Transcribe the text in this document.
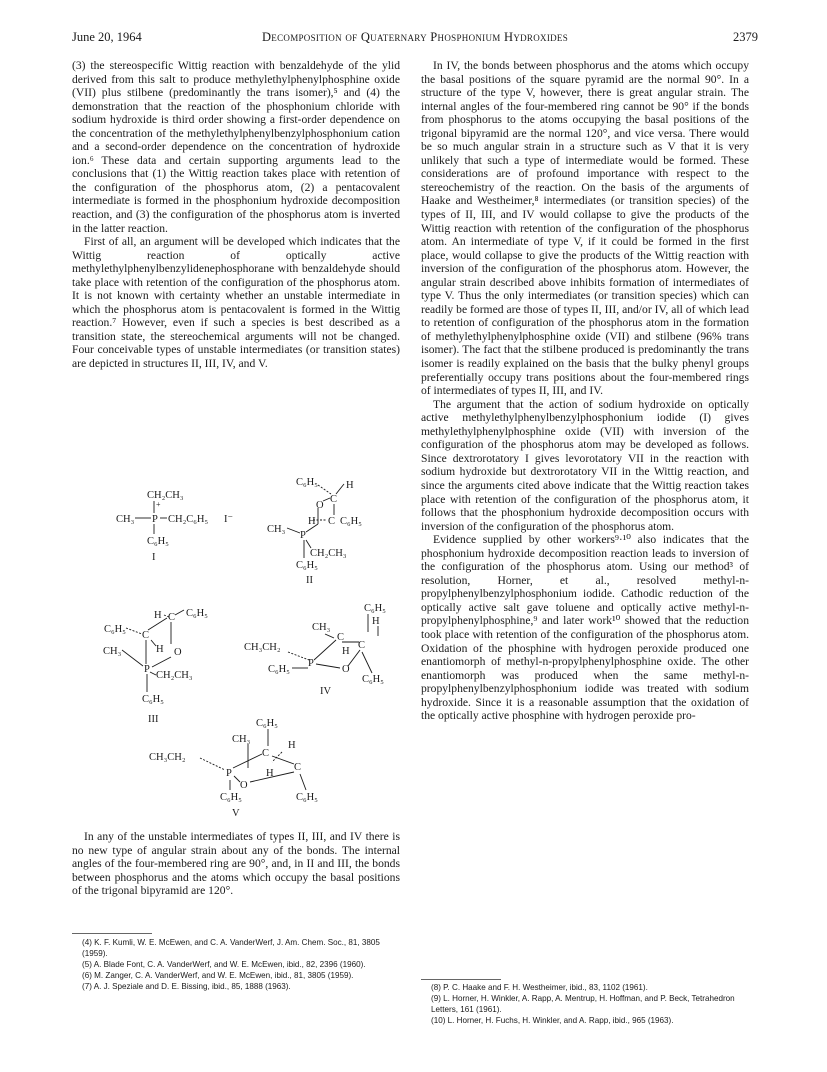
June 20, 1964	Decomposition of Quaternary Phosphonium Hydroxides	2379

(3) the stereospecific Wittig reaction with benzaldehyde of the ylid derived from this salt to produce methylethylphenylphosphine oxide (VII) plus stilbene (predominantly the trans isomer),⁵ and (4) the demonstration that the reaction of the phosphonium chloride with sodium hydroxide is third order showing a first-order dependence on the concentration of the methylethylphenylbenzylphosphonium cation and a second-order dependence on the concentration of hydroxide ion.⁶ These data and certain supporting arguments lead to the conclusions that (1) the Wittig reaction takes place with retention of the configuration of the phosphorus atom, (2) a pentacovalent intermediate is formed in the phosphonium hydroxide decomposition reaction, and (3) the configuration of the phosphorus atom is inverted in the latter reaction.

First of all, an argument will be developed which indicates that the Wittig reaction of optically active methylethylphenylbenzylidenephosphorane with benzaldehyde should take place with retention of the configuration of the phosphorus atom. It is not known with certainty whether an unstable intermediate in which the phosphorus atom is pentacovalent is formed in the Wittig reaction.⁷ However, even if such a species is best described as a transition state, the stereochemical arguments will not be changed. Four conceivable types of unstable intermediates (or transition states) are depicted in structures II, III, IV, and V.

CH₂CH₃
+
CH₃ P CH₂C₆H₅ I⁻
C₆H₅
I
C₆H₅	H
O
C
H C C₆H₅
CH₃
P
CH₂CH₃
C₆H₅
II
H C C₆H₅
C₆H₅
C
H O
CH₃
P
CH₂CH₃
C₆H₅
III
C₆H₅
H
CH₃
C
CH₃CH₂	H
C
C₆H₅
P
O
C₆H₅
IV
C₆H₅
CH₃
H
CH₃CH₂	C
P	H
C
O
C₆H₅
C₆H₅
V

In any of the unstable intermediates of types II, III, and IV there is no new type of angular strain about any of the bonds. The internal angles of the four-membered ring are 90°, and, in II and III, the bonds between phosphorus and the atoms which occupy the basal positions of the trigonal bipyramid are 120°.

(4) K. F. Kumli, W. E. McEwen, and C. A. VanderWerf, J. Am. Chem. Soc., 81, 3805 (1959).
(5) A. Blade Font, C. A. VanderWerf, and W. E. McEwen, ibid., 82, 2396 (1960).
(6) M. Zanger, C. A. VanderWerf, and W. E. McEwen, ibid., 81, 3805 (1959).
(7) A. J. Speziale and D. E. Bissing, ibid., 85, 1888 (1963).

In IV, the bonds between phosphorus and the atoms which occupy the basal positions of the square pyramid are the normal 90°. In a structure of the type V, however, there is great angular strain. The internal angles of the four-membered ring cannot be 90° if the bonds from phosphorus to the atoms occupying the basal positions of the trigonal bipyramid are the normal 120°, and vice versa. There would be so much angular strain in a structure such as V that it is very unlikely that such a type of intermediate would be formed. These considerations are of profound importance with respect to the stereochemistry of the reaction. On the basis of the arguments of Haake and Westheimer,⁸ intermediates (or transition species) of the types of II, III, and IV would collapse to give the products of the Wittig reaction with retention of the configuration of the phosphorus atom. An intermediate of type V, if it could be formed in the first place, would collapse to give the products of the Wittig reaction with inversion of the configuration of the phosphorus atom. However, the angular strain described above inhibits formation of intermediates of type V. Thus the only intermediates (or transition species) which can readily be formed are those of types II, III, and/or IV, all of which lead to retention of configuration of the phosphorus atom in the formation of methylethylphenylphosphine oxide (VII) and stilbene (96% trans isomer). The fact that the stilbene produced is predominantly the trans isomer is readily explained on the basis that the bulky phenyl groups preferentially occupy trans positions about the four-membered rings of intermediates of types II, III, and IV.

The argument that the action of sodium hydroxide on optically active methylethylphenylbenzylphosphonium iodide (I) gives methylethylphenylphosphine oxide (VII) with inversion of the configuration of the phosphorus atom may be developed as follows. Since dextrorotatory I gives levorotatory VII in the reaction with sodium hydroxide but dextrorotatory VII in the Wittig reaction, and since the arguments cited above indicate that the Wittig reaction takes place with retention of the configuration of the phosphorus atom, it follows that the phosphonium hydroxide decomposition occurs with inversion of the configuration of the phosphorus atom.

Evidence supplied by other workers⁹·¹⁰ also indicates that the phosphonium hydroxide decomposition reaction leads to inversion of the configuration of the phosphorus atom. Using our method³ of resolution, Horner, et al., resolved methyl-n-propylphenylbenzylphosphonium iodide. Cathodic reduction of the optically active salt gave toluene and optically active methyl-n-propylphenylphosphine,⁹ and later work¹⁰ showed that the reduction took place with retention of the configuration of the phosphorus atom. Oxidation of the phosphine with hydrogen peroxide produced one enantiomorph of methyl-n-propylphenylphosphine oxide. The other enantiomorph was produced when the same methyl-n-propylphenylbenzylphosphonium iodide was treated with sodium hydroxide. Since it is a reasonable assumption that the oxidation of the optically active phosphine with hydrogen peroxide pro-

(8) P. C. Haake and F. H. Westheimer, ibid., 83, 1102 (1961).
(9) L. Horner, H. Winkler, A. Rapp, A. Mentrup, H. Hoffman, and P. Beck, Tetrahedron Letters, 161 (1961).
(10) L. Horner, H. Fuchs, H. Winkler, and A. Rapp, ibid., 965 (1963).
